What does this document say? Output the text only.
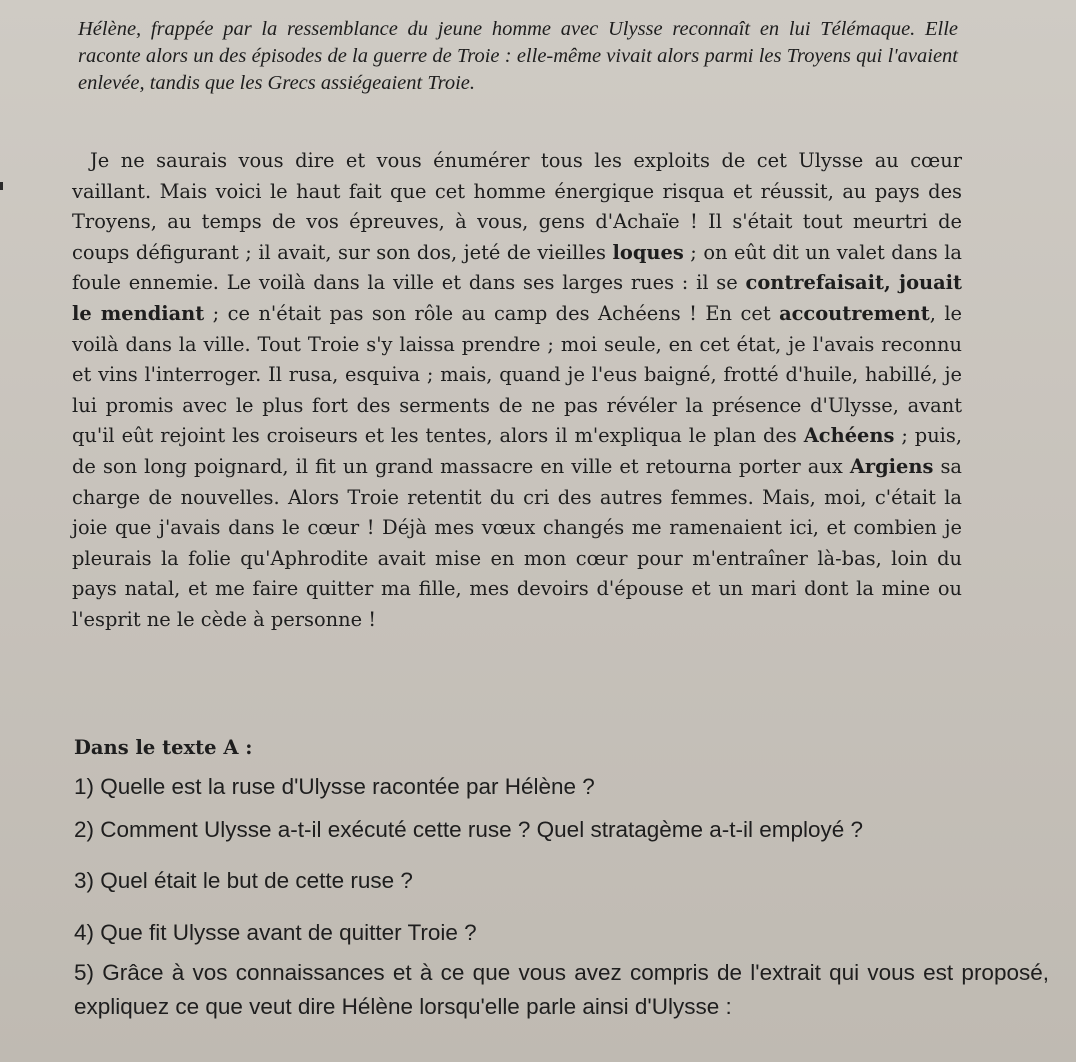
Hélène, frappée par la ressemblance du jeune homme avec Ulysse reconnaît en lui Télémaque. Elle raconte alors un des épisodes de la guerre de Troie : elle-même vivait alors parmi les Troyens qui l'avaient enlevée, tandis que les Grecs assiégeaient Troie.

Je ne saurais vous dire et vous énumérer tous les exploits de cet Ulysse au cœur vaillant. Mais voici le haut fait que cet homme énergique risqua et réussit, au pays des Troyens, au temps de vos épreuves, à vous, gens d'Achaïe ! Il s'était tout meurtri de coups défigurant ; il avait, sur son dos, jeté de vieilles loques ; on eût dit un valet dans la foule ennemie. Le voilà dans la ville et dans ses larges rues : il se contrefaisait, jouait le mendiant ; ce n'était pas son rôle au camp des Achéens ! En cet accoutrement, le voilà dans la ville. Tout Troie s'y laissa prendre ; moi seule, en cet état, je l'avais reconnu et vins l'interroger. Il rusa, esquiva ; mais, quand je l'eus baigné, frotté d'huile, habillé, je lui promis avec le plus fort des serments de ne pas révéler la présence d'Ulysse, avant qu'il eût rejoint les croiseurs et les tentes, alors il m'expliqua le plan des Achéens ; puis, de son long poignard, il fit un grand massacre en ville et retourna porter aux Argiens sa charge de nouvelles. Alors Troie retentit du cri des autres femmes. Mais, moi, c'était la joie que j'avais dans le cœur ! Déjà mes vœux changés me ramenaient ici, et combien je pleurais la folie qu'Aphrodite avait mise en mon cœur pour m'entraîner là-bas, loin du pays natal, et me faire quitter ma fille, mes devoirs d'épouse et un mari dont la mine ou l'esprit ne le cède à personne !

Dans le texte A :

1) Quelle est la ruse d'Ulysse racontée par Hélène ?

2) Comment Ulysse a-t-il exécuté cette ruse ? Quel stratagème a-t-il employé ?

3) Quel était le but de cette ruse ?

4) Que fit Ulysse avant de quitter Troie ?

5) Grâce à vos connaissances et à ce que vous avez compris de l'extrait qui vous est proposé, expliquez ce que veut dire Hélène lorsqu'elle parle ainsi d'Ulysse :
